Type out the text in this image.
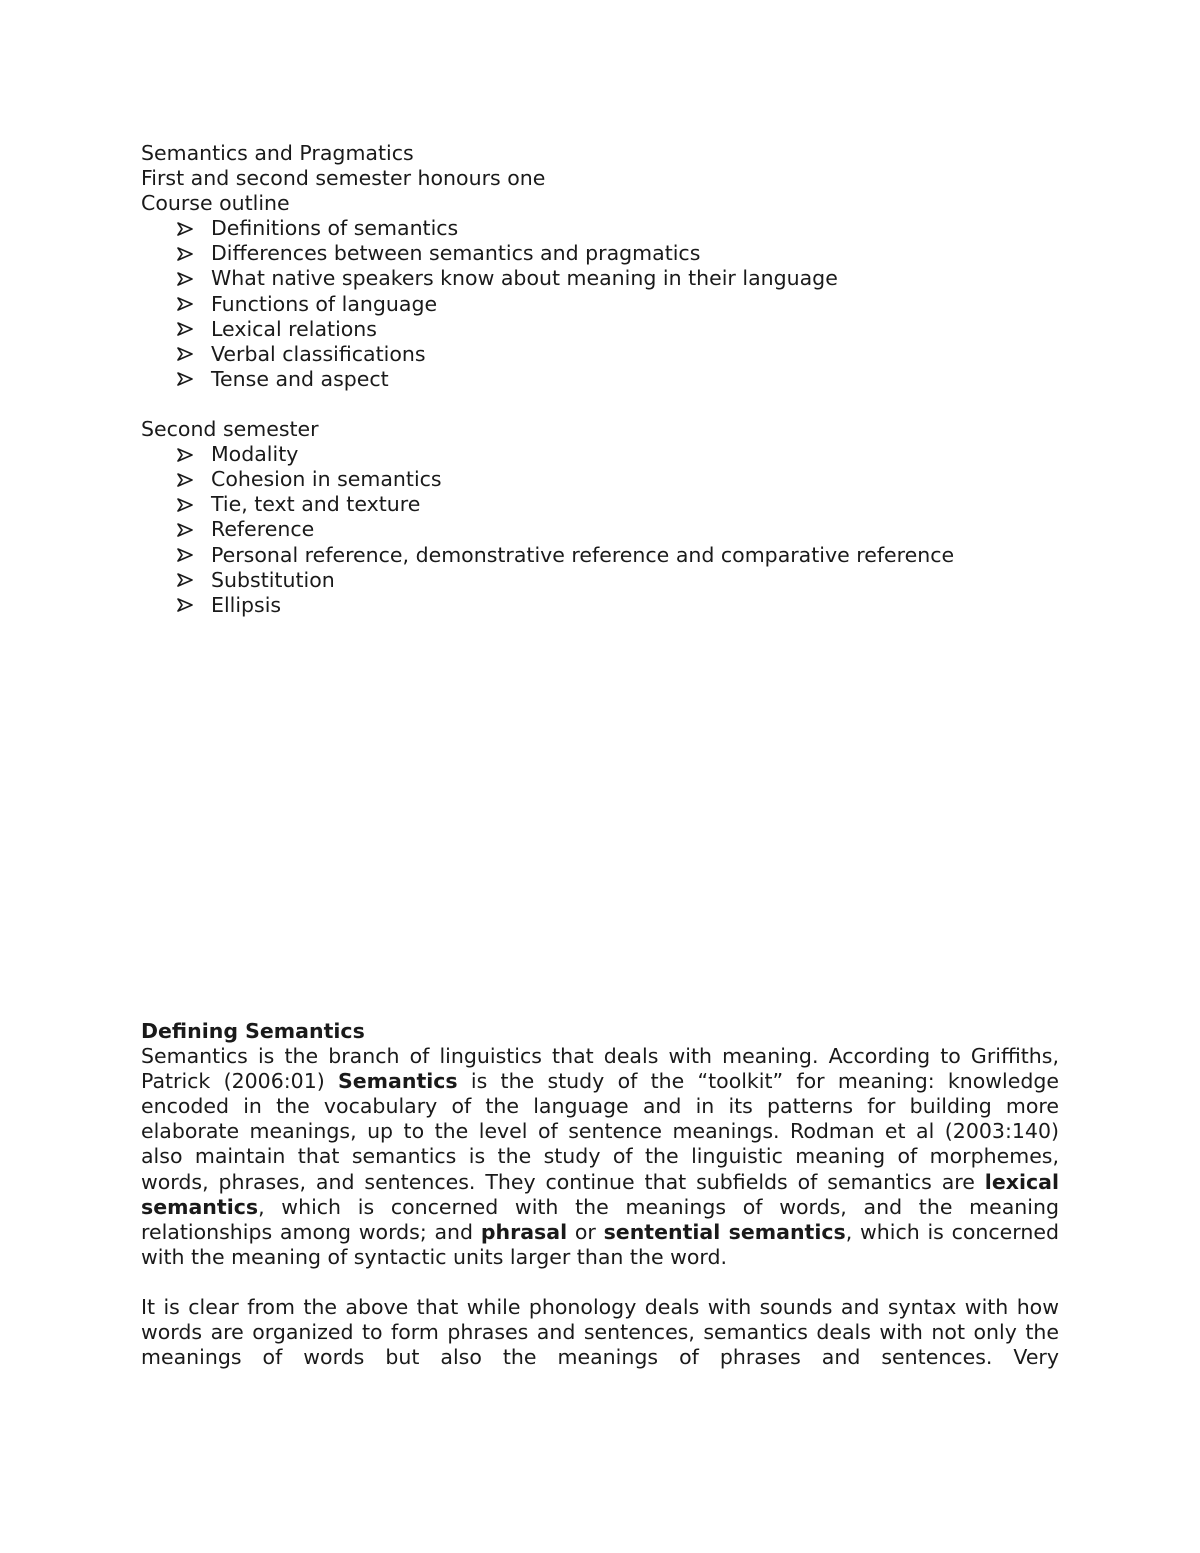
Semantics and Pragmatics
First and second semester honours one
Course outline
Definitions of semantics
Differences between semantics and pragmatics
What native speakers know about meaning in their language
Functions of language
Lexical relations
Verbal classifications
Tense and aspect
Second semester
Modality
Cohesion in semantics
Tie, text and texture
Reference
Personal reference, demonstrative reference and comparative reference
Substitution
Ellipsis
Defining Semantics
Semantics is the branch of linguistics that deals with meaning. According to Griffiths, Patrick (2006:01) Semantics is the study of the “toolkit” for meaning: knowledge encoded in the vocabulary of the language and in its patterns for building more elaborate meanings, up to the level of sentence meanings. Rodman et al (2003:140) also maintain that semantics is the study of the linguistic meaning of morphemes, words, phrases, and sentences. They continue that subfields of semantics are lexical semantics, which is concerned with the meanings of words, and the meaning relationships among words; and phrasal or sentential semantics, which is concerned with the meaning of syntactic units larger than the word.
It is clear from the above that while phonology deals with sounds and syntax with how words are organized to form phrases and sentences, semantics deals with not only the meanings of words but also the meanings of phrases and sentences. Very
